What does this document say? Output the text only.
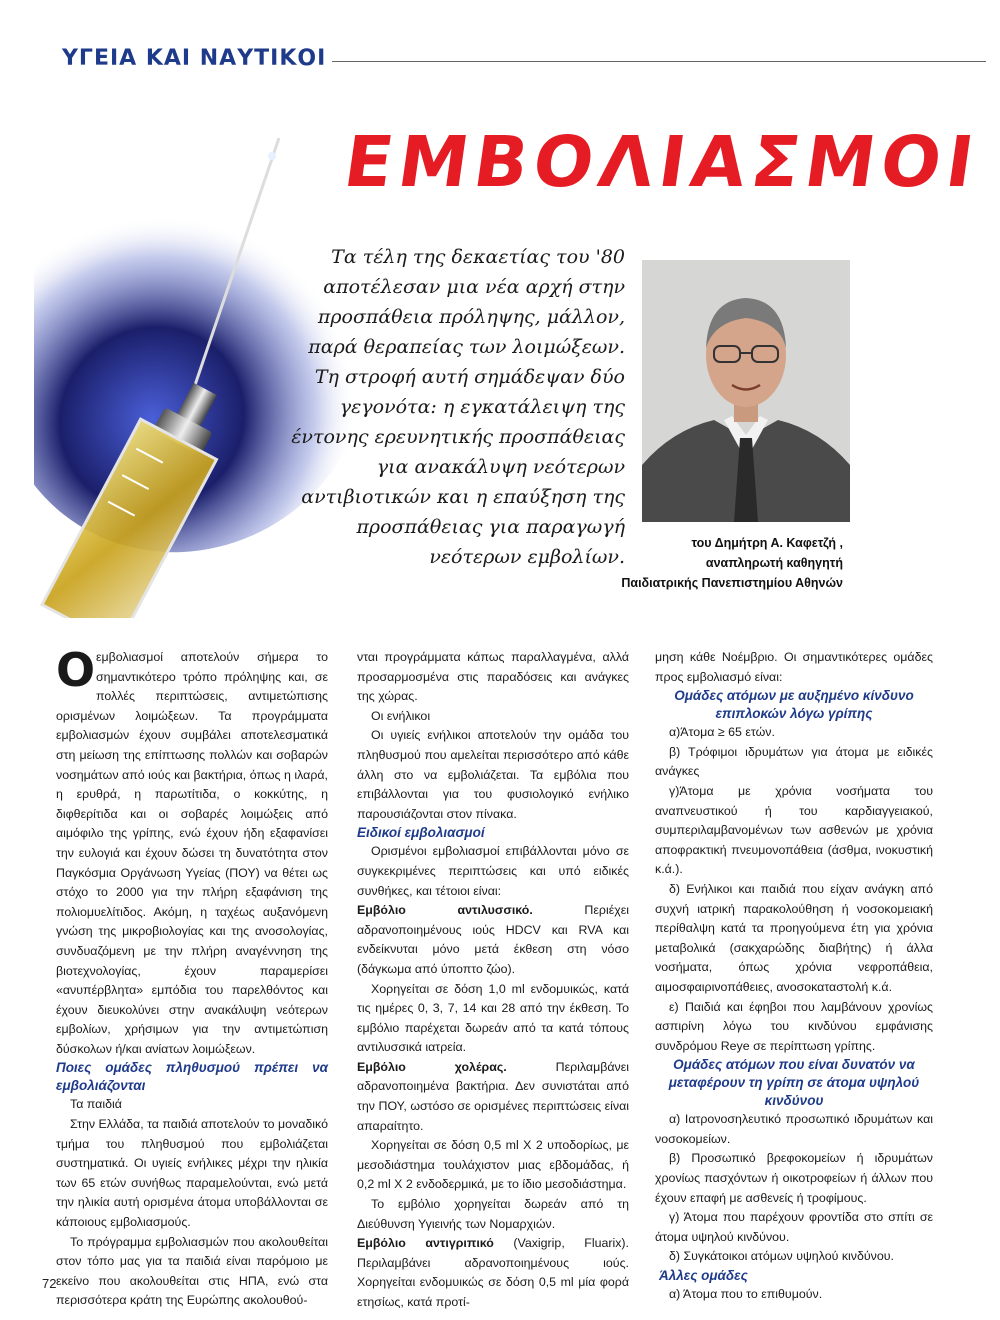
ΥΓΕΙΑ ΚΑΙ ΝΑΥΤΙΚΟΙ
ΕΜΒΟΛΙΑΣΜΟΙ
Τα τέλη της δεκαετίας του '80 αποτέλεσαν μια νέα αρχή στην προσπάθεια πρόληψης, μάλλον, παρά θεραπείας των λοιμώξεων. Τη στροφή αυτή σημάδεψαν δύο γεγονότα: η εγκατάλειψη της έντονης ερευνητικής προσπάθειας για ανακάλυψη νεότερων αντιβιοτικών και η επαύξηση της προσπάθειας για παραγωγή νεότερων εμβολίων.
του Δημήτρη Α. Καφετζή ,
αναπληρωτή καθηγητή
Παιδιατρικής Πανεπιστημίου Αθηνών

Ο εμβολιασμοί αποτελούν σήμερα το σημαντικότερο τρόπο πρόληψης και, σε πολλές περιπτώσεις, αντιμετώπισης ορισμένων λοιμώξεων. Τα προγράμματα εμβολιασμών έχουν συμβάλει αποτελεσματικά στη μείωση της επίπτωσης πολλών και σοβαρών νοσημάτων από ιούς και βακτήρια, όπως η ιλαρά, η ερυθρά, η παρωτίτιδα, ο κοκκύτης, η διφθερίτιδα και οι σοβαρές λοιμώξεις από αιμόφιλο της γρίπης, ενώ έχουν ήδη εξαφανίσει την ευλογιά και έχουν δώσει τη δυνατότητα στον Παγκόσμια Οργάνωση Υγείας (ΠΟΥ) να θέτει ως στόχο το 2000 για την πλήρη εξαφάνιση της πολιομυελίτιδος. Ακόμη, η ταχέως αυξανόμενη γνώση της μικροβιολογίας και της ανοσολογίας, συνδυαζόμενη με την πλήρη αναγέννηση της βιοτεχνολογίας, έχουν παραμερίσει «ανυπέρβλητα» εμπόδια του παρελθόντος και έχουν διευκολύνει στην ανακάλυψη νεότερων εμβολίων, χρήσιμων για την αντιμετώπιση δύσκολων ή/και ανίατων λοιμώξεων.

Ποιες ομάδες πληθυσμού πρέπει να εμβολιάζονται

Τα παιδιά

Στην Ελλάδα, τα παιδιά αποτελούν το μοναδικό τμήμα του πληθυσμού που εμβολιάζεται συστηματικά. Οι υγιείς ενήλικες μέχρι την ηλικία των 65 ετών συνήθως παραμελούνται, ενώ μετά την ηλικία αυτή ορισμένα άτομα υποβάλλονται σε κάποιους εμβολιασμούς.

Το πρόγραμμα εμβολιασμών που ακολουθείται στον τόπο μας για τα παιδιά είναι παρόμοιο με εκείνο που ακολουθείται στις ΗΠΑ, ενώ στα περισσότερα κράτη της Ευρώπης ακολουθού-

νται προγράμματα κάπως παραλλαγμένα, αλλά προσαρμοσμένα στις παραδόσεις και ανάγκες της χώρας.

Οι ενήλικοι

Οι υγιείς ενήλικοι αποτελούν την ομάδα του πληθυσμού που αμελείται περισσότερο από κάθε άλλη στο να εμβολιάζεται. Τα εμβόλια που επιβάλλονται για του φυσιολογικό ενήλικο παρουσιάζονται στον πίνακα.

Ειδικοί εμβολιασμοί

Ορισμένοι εμβολιασμοί επιβάλλονται μόνο σε συγκεκριμένες περιπτώσεις και υπό ειδικές συνθήκες, και τέτοιοι είναι:

Εμβόλιο αντιλυσσικό.	Περιέχει αδρανοποιημένους ιούς HDCV και RVA και ενδείκνυται μόνο μετά έκθεση στη νόσο (δάγκωμα από ύποπτο ζώο).

Χορηγείται σε δόση 1,0 ml ενδομυικώς, κατά τις ημέρες 0, 3, 7, 14 και 28 από την έκθεση. Το εμβόλιο παρέχεται δωρεάν από τα κατά τόπους αντιλυσσικά ιατρεία.

Εμβόλιο χολέρας.	Περιλαμβάνει αδρανοποιημένα βακτήρια. Δεν συνιστάται από την ΠΟΥ, ωστόσο σε ορισμένες περιπτώσεις είναι απαραίτητο.

Χορηγείται σε δόση 0,5 ml X 2 υποδορίως, με μεσοδιάστημα τουλάχιστον μιας εβδομάδας, ή 0,2 ml X 2 ενδοδερμικά, με το ίδιο μεσοδιάστημα.

Το εμβόλιο χορηγείται δωρεάν από τη Διεύθυνση Υγιεινής των Νομαρχιών.

Εμβόλιο αντιγριπικό (Vaxigrip, Fluarix). Περιλαμβάνει αδρανοποιημένους ιούς. Χορηγείται ενδομυικώς σε δόση 0,5 ml μία φορά ετησίως, κατά προτί-

μηση κάθε Νοέμβριο. Οι σημαντικότερες ομάδες προς εμβολιασμό είναι:

Ομάδες ατόμων με αυξημένο κίνδυνο επιπλοκών λόγω γρίπης

α)Άτομα ≥ 65 ετών.

β) Τρόφιμοι ιδρυμάτων για άτομα με ειδικές ανάγκες

γ)Άτομα με χρόνια νοσήματα του αναπνευστικού ή του καρδιαγγειακού, συμπεριλαμβανομένων των ασθενών με χρόνια αποφρακτική πνευμονοπάθεια (άσθμα, ινοκυστική κ.ά.).

δ) Ενήλικοι και παιδιά που είχαν ανάγκη από συχνή ιατρική παρακολούθηση ή νοσοκομειακή περίθαλψη κατά τα προηγούμενα έτη για χρόνια μεταβολικά (σακχαρώδης διαβήτης) ή άλλα νοσήματα, όπως χρόνια νεφροπάθεια, αιμοσφαιρινοπάθειες, ανοσοκαταστολή κ.ά.

ε) Παιδιά και έφηβοι που λαμβάνουν χρονίως ασπιρίνη λόγω του κινδύνου εμφάνισης συνδρόμου Reye σε περίπτωση γρίπης.

Ομάδες ατόμων που είναι δυνατόν να μεταφέρουν τη γρίπη σε άτομα υψηλού κινδύνου

α) Ιατρονοσηλευτικό προσωπικό ιδρυμάτων και νοσοκομείων.

β) Προσωπικό βρεφοκομείων ή ιδρυμάτων χρονίως πασχόντων ή οικοτροφείων ή άλλων που έχουν επαφή με ασθενείς ή τροφίμους.

γ) Άτομα που παρέχουν φροντίδα στο σπίτι σε άτομα υψηλού κινδύνου.

δ) Συγκάτοικοι ατόμων υψηλού κινδύνου.

Άλλες ομάδες

α) Άτομα που το επιθυμούν.

72
